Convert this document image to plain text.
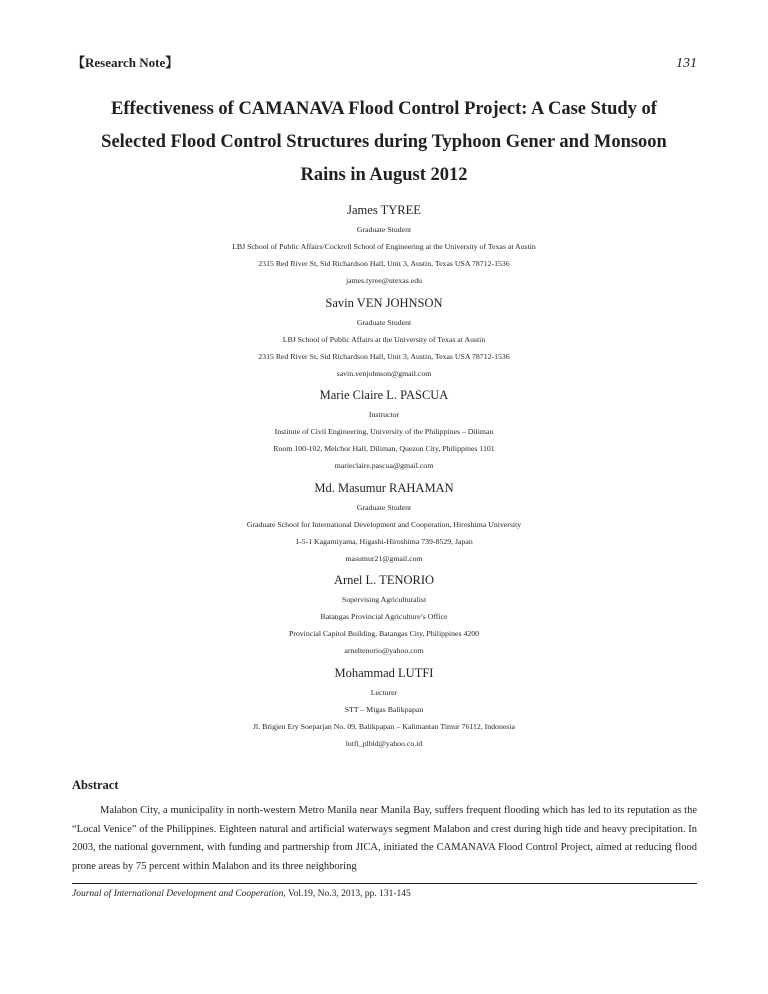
【Research Note】	131
Effectiveness of CAMANAVA Flood Control Project: A Case Study of
Selected Flood Control Structures during Typhoon Gener and Monsoon
Rains in August 2012
James TYREE
Graduate Student
LBJ School of Public Affairs/Cockrell School of Engineering at the University of Texas at Austin
2315 Red River St, Sid Richardson Hall, Unit 3, Austin, Texas USA 78712-1536
james.tyree@utexas.edu
Savin VEN JOHNSON
Graduate Student
LBJ School of Public Affairs at the University of Texas at Austin
2315 Red River St, Sid Richardson Hall, Unit 3, Austin, Texas USA 78712-1536
savin.venjohnson@gmail.com
Marie Claire L. PASCUA
Instructor
Institute of Civil Engineering, University of the Philippines – Diliman
Room 100-102, Melchor Hall, Diliman, Quezon City, Philippines 1101
marieclaire.pascua@gmail.com
Md. Masumur RAHAMAN
Graduate Student
Graduate School for International Development and Cooperation, Hiroshima University
1-5-1 Kagamiyama, Higashi-Hiroshima 739-8529, Japan
masumur21@gmail.com
Arnel L. TENORIO
Supervising Agriculturalist
Batangas Provincial Agriculture’s Office
Provincial Capitol Building, Batangas City, Philippines 4200
arneltenorio@yahoo.com
Mohammad LUTFI
Lecturer
STT – Migas Balikpapan
Jl. Brigjen Ery Soeparjan No. 09, Balikpapan – Kalimantan Timur 76112, Indonesia
lutfi_plbld@yahoo.co.id
Abstract
Malabon City, a municipality in north-western Metro Manila near Manila Bay, suffers frequent flooding which has led to its reputation as the “Local Venice” of the Philippines. Eighteen natural and artificial waterways segment Malabon and crest during high tide and heavy precipitation. In 2003, the national government, with funding and partnership from JICA, initiated the CAMANAVA Flood Control Project, aimed at reducing flood prone areas by 75 percent within Malabon and its three neighboring
Journal of International Development and Cooperation, Vol.19, No.3, 2013, pp. 131-145
